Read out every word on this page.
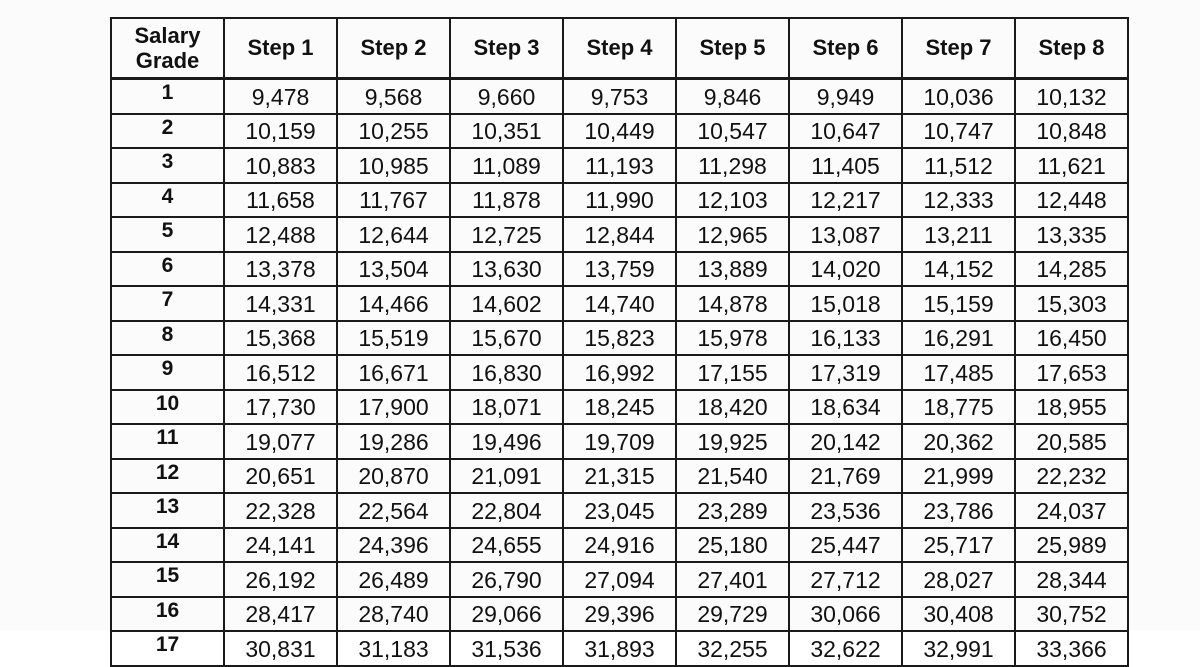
Salary
Grade	Step 1	Step 2	Step 3	Step 4	Step 5	Step 6	Step 7	Step 8
1	9,478	9,568	9,660	9,753	9,846	9,949	10,036	10,132
2	10,159	10,255	10,351	10,449	10,547	10,647	10,747	10,848
3	10,883	10,985	11,089	11,193	11,298	11,405	11,512	11,621
4	11,658	11,767	11,878	11,990	12,103	12,217	12,333	12,448
5	12,488	12,644	12,725	12,844	12,965	13,087	13,211	13,335
6	13,378	13,504	13,630	13,759	13,889	14,020	14,152	14,285
7	14,331	14,466	14,602	14,740	14,878	15,018	15,159	15,303
8	15,368	15,519	15,670	15,823	15,978	16,133	16,291	16,450
9	16,512	16,671	16,830	16,992	17,155	17,319	17,485	17,653
10	17,730	17,900	18,071	18,245	18,420	18,634	18,775	18,955
11	19,077	19,286	19,496	19,709	19,925	20,142	20,362	20,585
12	20,651	20,870	21,091	21,315	21,540	21,769	21,999	22,232
13	22,328	22,564	22,804	23,045	23,289	23,536	23,786	24,037
14	24,141	24,396	24,655	24,916	25,180	25,447	25,717	25,989
15	26,192	26,489	26,790	27,094	27,401	27,712	28,027	28,344
16	28,417	28,740	29,066	29,396	29,729	30,066	30,408	30,752
17	30,831	31,183	31,536	31,893	32,255	32,622	32,991	33,366
